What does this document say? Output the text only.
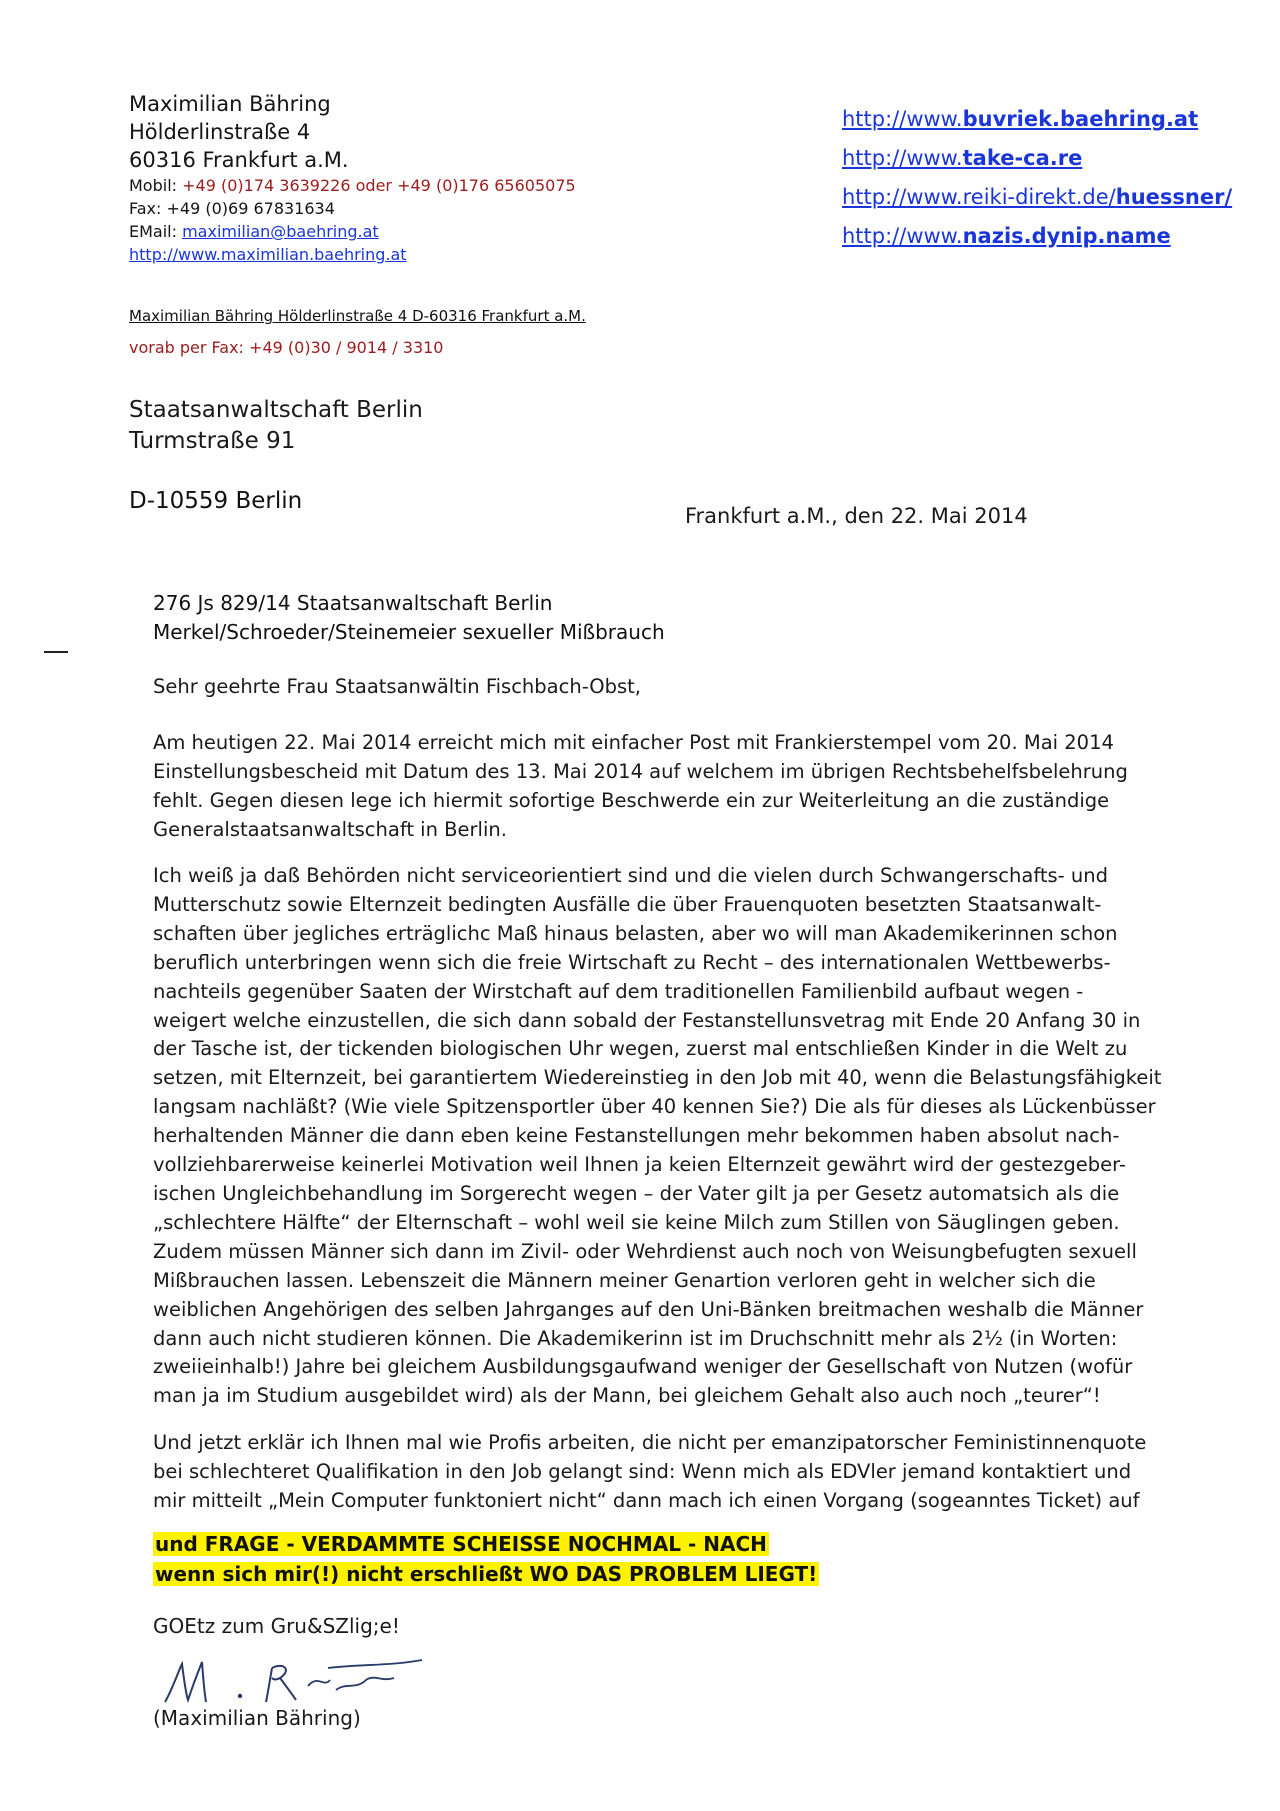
Maximilian Bähring
Hölderlinstraße 4
60316 Frankfurt a.M.
Mobil: +49 (0)174 3639226 oder +49 (0)176 65605075
Fax: +49 (0)69 67831634
EMail: maximilian@baehring.at
http://www.maximilian.baehring.at
http://www.buvriek.baehring.at
http://www.take-ca.re
http://www.reiki-direkt.de/huessner/
http://www.nazis.dynip.name
Maximilian Bähring Hölderlinstraße 4 D-60316 Frankfurt a.M.
vorab per Fax: +49 (0)30 / 9014 / 3310
Staatsanwaltschaft Berlin
Turmstraße 91
D-10559 Berlin
Frankfurt a.M., den 22. Mai 2014
276 Js 829/14 Staatsanwaltschaft Berlin
Merkel/Schroeder/Steinemeier sexueller Mißbrauch
Sehr geehrte Frau Staatsanwältin Fischbach-Obst,
Am heutigen 22. Mai 2014 erreicht mich mit einfacher Post mit Frankierstempel vom 20. Mai 2014
Einstellungsbescheid mit Datum des 13. Mai 2014 auf welchem im übrigen Rechtsbehelfsbelehrung
fehlt. Gegen diesen lege ich hiermit sofortige Beschwerde ein zur Weiterleitung an die zuständige
Generalstaatsanwaltschaft in Berlin.
Ich weiß ja daß Behörden nicht serviceorientiert sind und die vielen durch Schwangerschafts- und
Mutterschutz sowie Elternzeit bedingten Ausfälle die über Frauenquoten besetzten Staatsanwalt-
schaften über jegliches erträglichc Maß hinaus belasten, aber wo will man Akademikerinnen schon
beruflich unterbringen wenn sich die freie Wirtschaft zu Recht – des internationalen Wettbewerbs-
nachteils gegenüber Saaten der Wirstchaft auf dem traditionellen Familienbild aufbaut wegen -
weigert welche einzustellen, die sich dann sobald der Festanstellunsvetrag mit Ende 20 Anfang 30 in
der Tasche ist, der tickenden biologischen Uhr wegen, zuerst mal entschließen Kinder in die Welt zu
setzen, mit Elternzeit, bei garantiertem Wiedereinstieg in den Job mit 40, wenn die Belastungsfähigkeit
langsam nachläßt? (Wie viele Spitzensportler über 40 kennen Sie?) Die als für dieses als Lückenbüsser
herhaltenden Männer die dann eben keine Festanstellungen mehr bekommen haben absolut nach-
vollziehbarerweise keinerlei Motivation weil Ihnen ja keien Elternzeit gewährt wird der gestezgeber-
ischen Ungleichbehandlung im Sorgerecht wegen – der Vater gilt ja per Gesetz automatsich als die
„schlechtere Hälfte“ der Elternschaft – wohl weil sie keine Milch zum Stillen von Säuglingen geben.
Zudem müssen Männer sich dann im Zivil- oder Wehrdienst auch noch von Weisungbefugten sexuell
Mißbrauchen lassen. Lebenszeit die Männern meiner Genartion verloren geht in welcher sich die
weiblichen Angehörigen des selben Jahrganges auf den Uni-Bänken breitmachen weshalb die Männer
dann auch nicht studieren können. Die Akademikerinn ist im Druchschnitt mehr als 2½ (in Worten:
zweiieinhalb!) Jahre bei gleichem Ausbildungsgaufwand weniger der Gesellschaft von Nutzen (wofür
man ja im Studium ausgebildet wird) als der Mann, bei gleichem Gehalt also auch noch „teurer“!
Und jetzt erklär ich Ihnen mal wie Profis arbeiten, die nicht per emanzipatorscher Feministinnenquote
bei schlechteret Qualifikation in den Job gelangt sind: Wenn mich als EDVler jemand kontaktiert und
mir mitteilt „Mein Computer funktoniert nicht“ dann mach ich einen Vorgang (sogeanntes Ticket) auf
und FRAGE - VERDAMMTE SCHEISSE NOCHMAL - NACH
wenn sich mir(!) nicht erschließt WO DAS PROBLEM LIEGT!
GOEtz zum Gru&SZlig;e!
(Maximilian Bähring)
